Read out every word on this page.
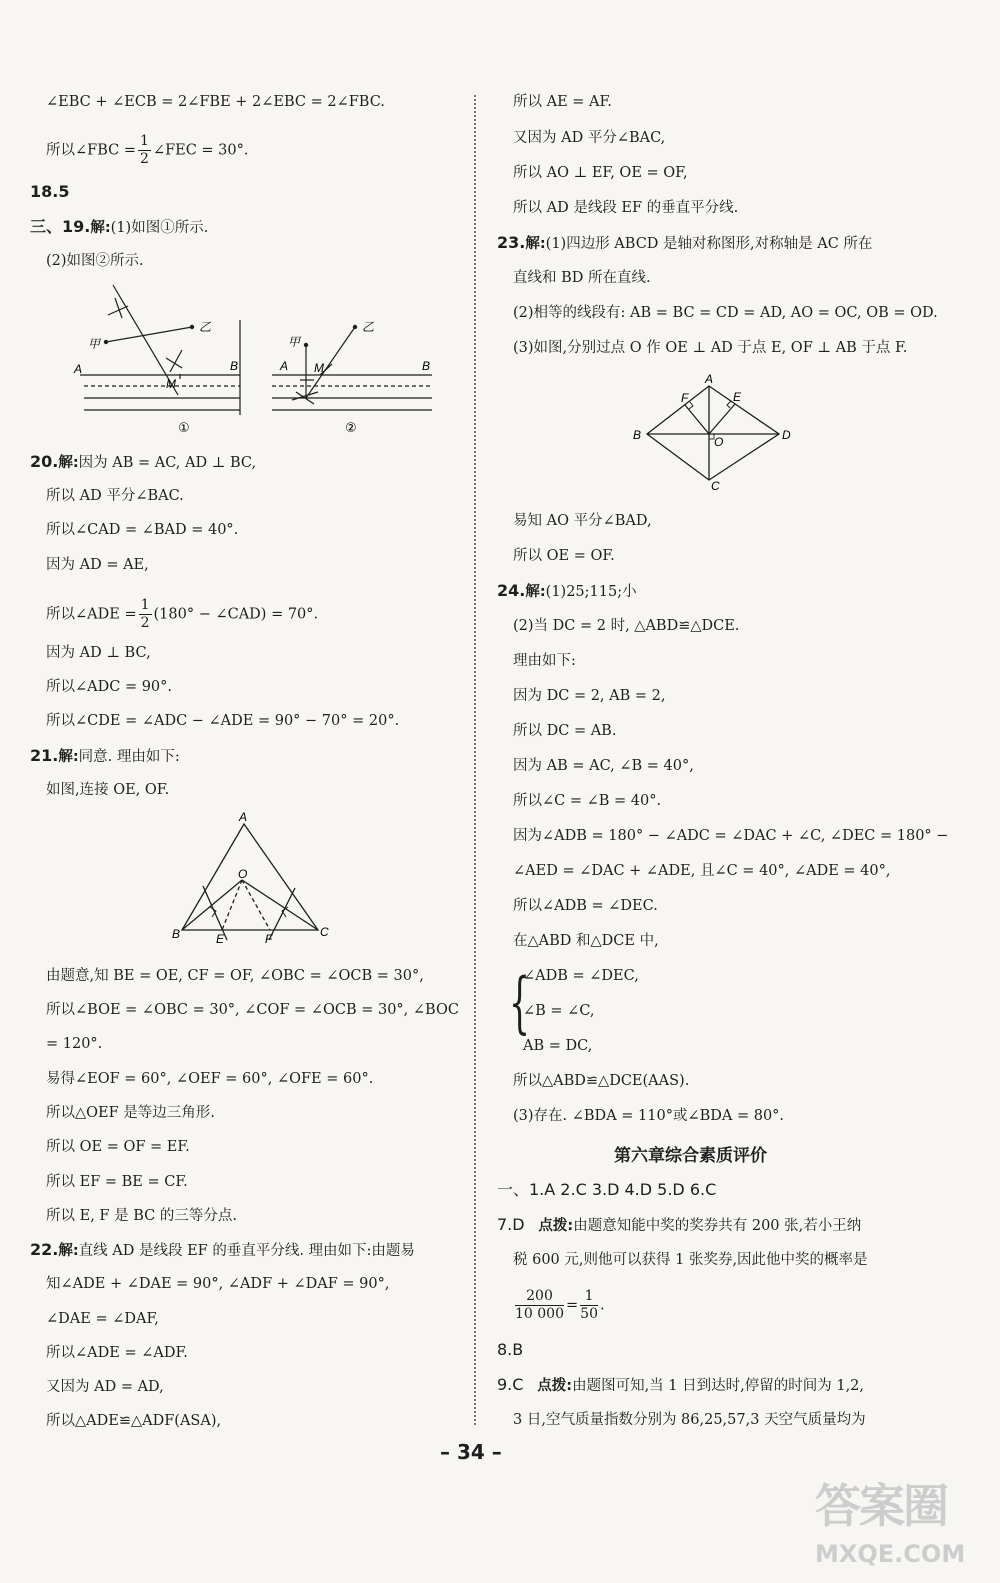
∠EBC + ∠ECB = 2∠FBE + 2∠EBC = 2∠FBC.
所以∠FBC = $\frac{1}{2}$ ∠FEC = 30°.
18.5
三、19.解:(1)如图①所示.
(2)如图②所示.
甲
乙
A	B
M
①
甲
乙
A M	B
②
20.解:因为 AB = AC, AD ⊥ BC,
所以 AD 平分∠BAC.
所以∠CAD = ∠BAD = 40°.
因为 AD = AE,
所以∠ADE = $\frac{1}{2} (180^\circ$ − ∠CAD) = 70°.
因为 AD ⊥ BC,
所以∠ADC = 90°.
所以∠CDE = ∠ADC − ∠ADE = 90° − 70° = 20°.
21.解:同意. 理由如下:
如图,连接 OE, OF.
A
O
B	E	F	C
由题意,知 BE = OE, CF = OF, ∠OBC = ∠OCB = 30°,
所以∠BOE = ∠OBC = 30°, ∠COF = ∠OCB = 30°, ∠BOC
= 120°.
易得∠EOF = 60°, ∠OEF = 60°, ∠OFE = 60°.
所以△OEF 是等边三角形.
所以 OE = OF = EF.
所以 EF = BE = CF.
所以 E, F 是 BC 的三等分点.
22.解:直线 AD 是线段 EF 的垂直平分线. 理由如下:由题易
知∠ADE + ∠DAE = 90°, ∠ADF + ∠DAF = 90°,
∠DAE = ∠DAF,
所以∠ADE = ∠ADF.
又因为 AD = AD,
所以△ADE≌△ADF(ASA),
所以 AE = AF.
又因为 AD 平分∠BAC,
所以 AO ⊥ EF, OE = OF,
所以 AD 是线段 EF 的垂直平分线.
23.解:(1)四边形 ABCD 是轴对称图形,对称轴是 AC 所在
直线和 BD 所在直线.
(2)相等的线段有: AB = BC = CD = AD, AO = OC, OB = OD.
(3)如图,分别过点 O 作 OE ⊥ AD 于点 E, OF ⊥ AB 于点 F.
A
F	E
B	O	D
C
易知 AO 平分∠BAD,
所以 OE = OF.
24.解:(1)25;115;小
(2)当 DC = 2 时, △ABD≌△DCE.
理由如下:
因为 DC = 2, AB = 2,
所以 DC = AB.
因为 AB = AC, ∠B = 40°,
所以∠C = ∠B = 40°.
因为∠ADB = 180° − ∠ADC = ∠DAC + ∠C, ∠DEC = 180° −
∠AED = ∠DAC + ∠ADE, 且∠C = 40°, ∠ADE = 40°,
所以∠ADB = ∠DEC.
在△ABD 和△DCE 中,
{
∠ADB = ∠DEC,
∠B = ∠C,
AB = DC,
所以△ABD≌△DCE(AAS).
(3)存在. ∠BDA = 110°或∠BDA = 80°.
第六章综合素质评价
一、1.A 2.C 3.D 4.D 5.D 6.C
7.D 点拨:由题意知能中奖的奖券共有 200 张,若小王纳
税 600 元,则他可以获得 1 张奖券,因此他中奖的概率是
$\frac{200}{10 000} = \frac{1}{50}$ .
8.B
9.C 点拨:由题图可知,当 1 日到达时,停留的时间为 1,2,
3 日,空气质量指数分别为 86,25,57,3 天空气质量均为
– 34 –
答案圈
MXQE.COM
